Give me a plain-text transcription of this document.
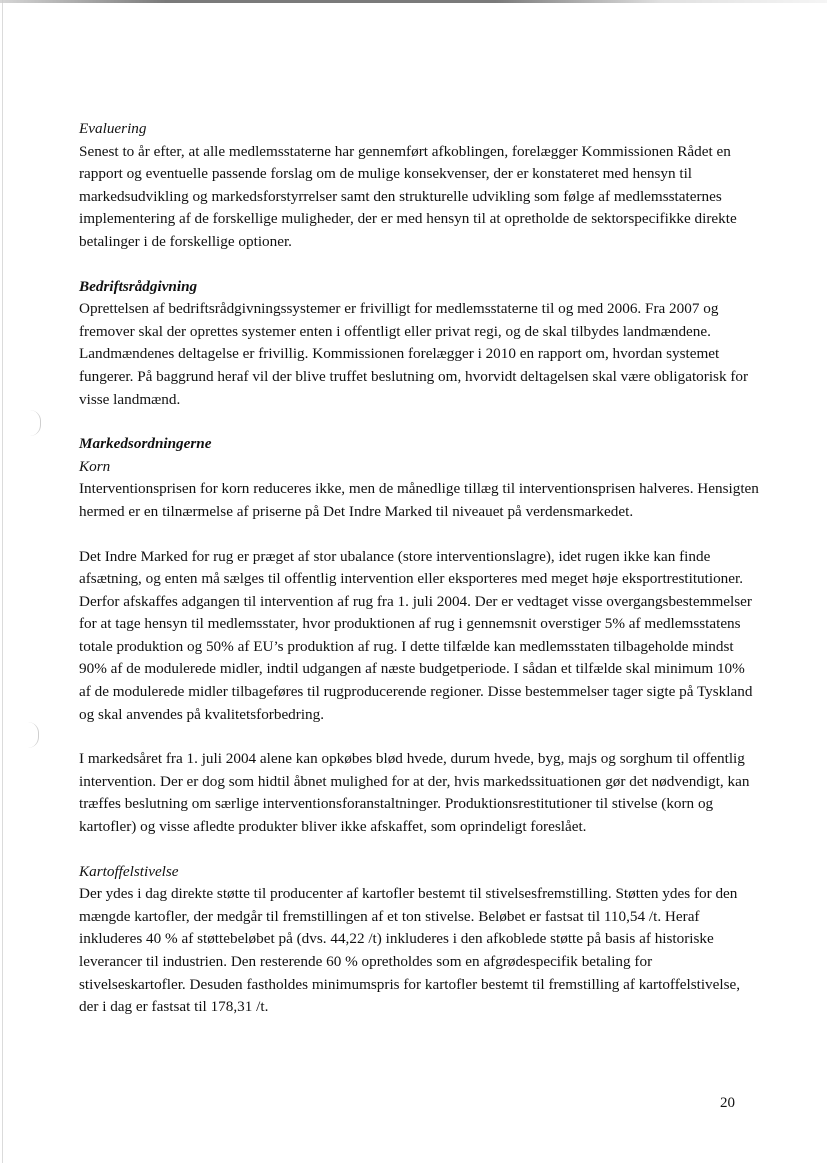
Evaluering

Senest to år efter, at alle medlemsstaterne har gennemført afkoblingen, forelægger Kommissionen Rådet en rapport og eventuelle passende forslag om de mulige konsekvenser, der er konstateret med hensyn til markedsudvikling og markedsforstyrrelser samt den strukturelle udvikling som følge af medlemsstaternes implementering af de forskellige muligheder, der er med hensyn til at opretholde de sektorspecifikke direkte betalinger i de forskellige optioner.

Bedriftsrådgivning

Oprettelsen af bedriftsrådgivningssystemer er frivilligt for medlemsstaterne til og med 2006. Fra 2007 og fremover skal der oprettes systemer enten i offentligt eller privat regi, og de skal tilbydes landmændene. Landmændenes deltagelse er frivillig. Kommissionen forelægger i 2010 en rapport om, hvordan systemet fungerer. På baggrund heraf vil der blive truffet beslutning om, hvorvidt deltagelsen skal være obligatorisk for visse landmænd.

Markedsordningerne
Korn

Interventionsprisen for korn reduceres ikke, men de månedlige tillæg til interventionsprisen halveres. Hensigten hermed er en tilnærmelse af priserne på Det Indre Marked til niveauet på verdensmarkedet.

Det Indre Marked for rug er præget af stor ubalance (store interventionslagre), idet rugen ikke kan finde afsætning, og enten må sælges til offentlig intervention eller eksporteres med meget høje eksportrestitutioner. Derfor afskaffes adgangen til intervention af rug fra 1. juli 2004. Der er vedtaget visse overgangsbestemmelser for at tage hensyn til medlemsstater, hvor produktionen af rug i gennemsnit overstiger 5% af medlemsstatens totale produktion og 50% af EU’s produktion af rug. I dette tilfælde kan medlemsstaten tilbageholde mindst 90% af de modulerede midler, indtil udgangen af næste budgetperiode. I sådan et tilfælde skal minimum 10% af de modulerede midler tilbageføres til rugproducerende regioner. Disse bestemmelser tager sigte på Tyskland og skal anvendes på kvalitetsforbedring.

I markedsåret fra 1. juli 2004 alene kan opkøbes blød hvede, durum hvede, byg, majs og sorghum til offentlig intervention. Der er dog som hidtil åbnet mulighed for at der, hvis markedssituationen gør det nødvendigt, kan træffes beslutning om særlige interventionsforanstaltninger. Produktionsrestitutioner til stivelse (korn og kartofler) og visse afledte produkter bliver ikke afskaffet, som oprindeligt foreslået.

Kartoffelstivelse

Der ydes i dag direkte støtte til producenter af kartofler bestemt til stivelsesfremstilling. Støtten ydes for den mængde kartofler, der medgår til fremstillingen af et ton stivelse. Beløbet er fastsat til 110,54 /t. Heraf inkluderes 40 % af støttebeløbet på (dvs. 44,22 /t) inkluderes i den afkoblede støtte på basis af historiske leverancer til industrien. Den resterende 60 % opretholdes som en afgrødespecifik betaling for stivelseskartofler. Desuden fastholdes minimumspris for kartofler bestemt til fremstilling af kartoffelstivelse, der i dag er fastsat til 178,31 /t.

20
